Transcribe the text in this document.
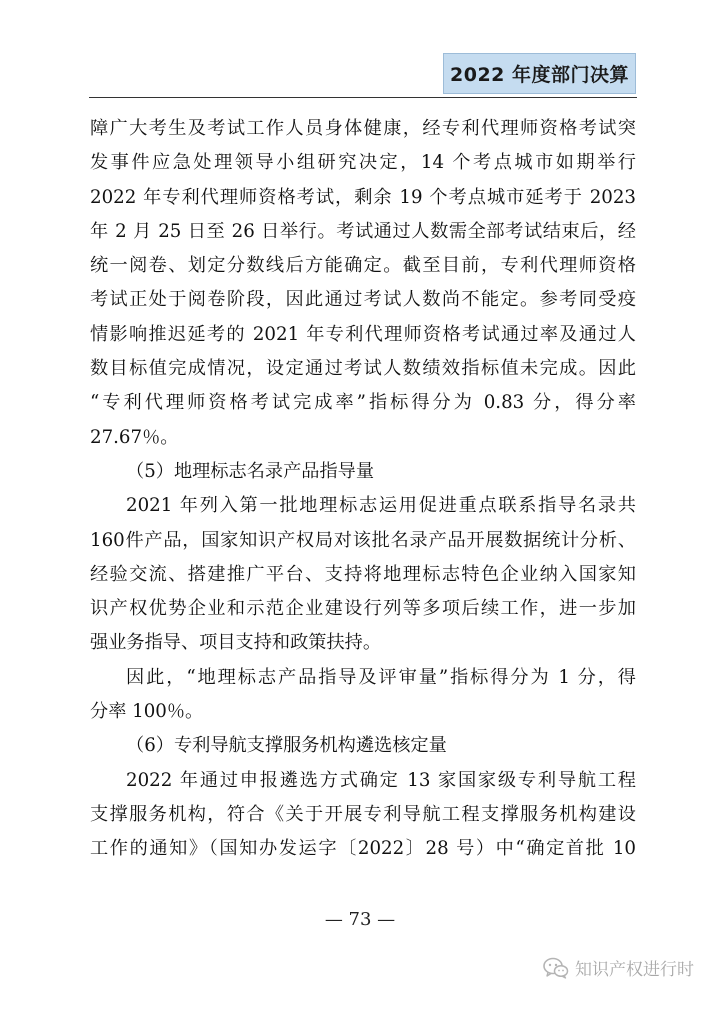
2022 年度部门决算
障广大考生及考试工作人员身体健康，经专利代理师资格考试突
发事件应急处理领导小组研究决定，14 个考点城市如期举行
2022 年专利代理师资格考试，剩余 19 个考点城市延考于 2023
年 2 月 25 日至 26 日举行。考试通过人数需全部考试结束后，经
统一阅卷、划定分数线后方能确定。截至目前，专利代理师资格
考试正处于阅卷阶段，因此通过考试人数尚不能定。参考同受疫
情影响推迟延考的 2021 年专利代理师资格考试通过率及通过人
数目标值完成情况，设定通过考试人数绩效指标值未完成。因此
“专利代理师资格考试完成率”指标得分为 0.83 分，得分率
27.67％。
（5）地理标志名录产品指导量
2021 年列入第一批地理标志运用促进重点联系指导名录共
160件产品，国家知识产权局对该批名录产品开展数据统计分析、
经验交流、搭建推广平台、支持将地理标志特色企业纳入国家知
识产权优势企业和示范企业建设行列等多项后续工作，进一步加
强业务指导、项目支持和政策扶持。
因此，“地理标志产品指导及评审量”指标得分为 1 分，得
分率 100％。
（6）专利导航支撑服务机构遴选核定量
2022 年通过申报遴选方式确定 13 家国家级专利导航工程
支撑服务机构，符合《关于开展专利导航工程支撑服务机构建设
工作的通知》（国知办发运字〔2022〕28 号）中“确定首批 10
— 73 —
知识产权进行时
